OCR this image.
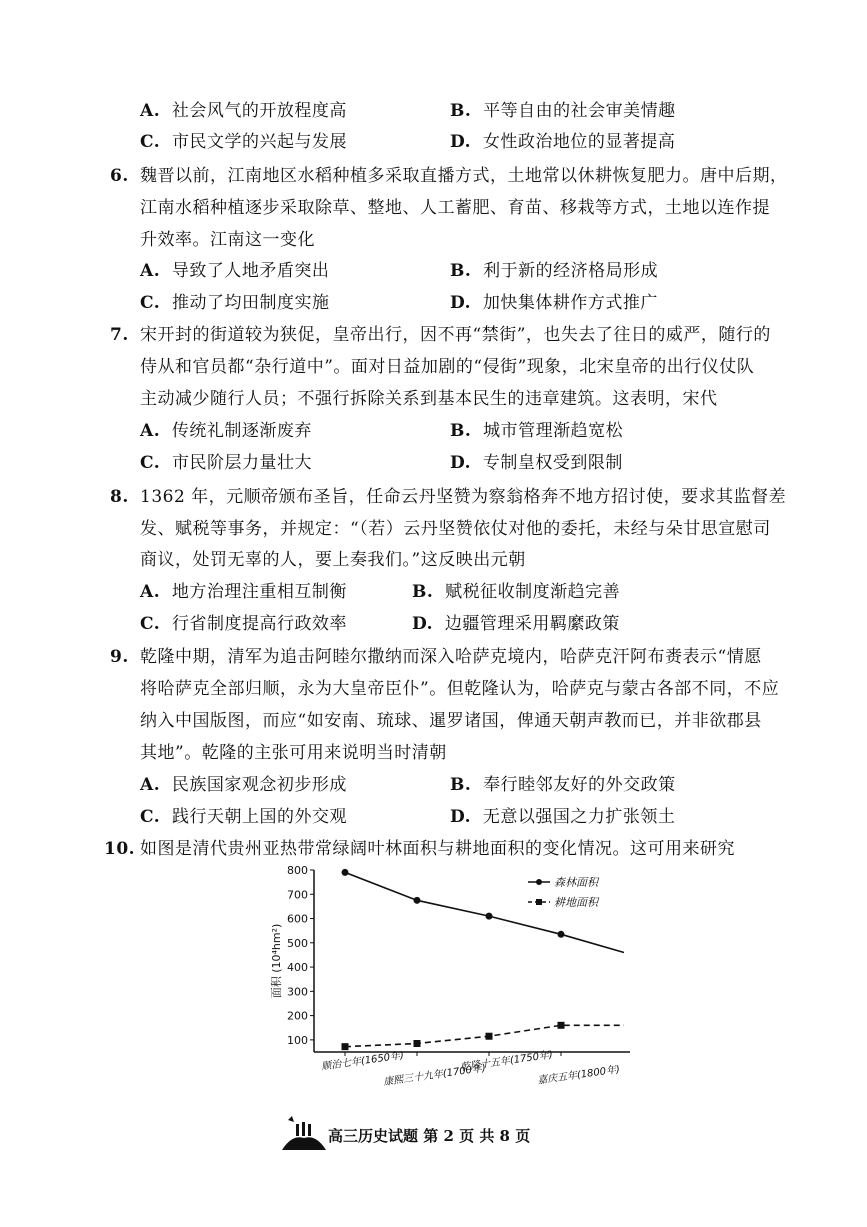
A. 社会风气的开放程度高	B. 平等自由的社会审美情趣
C. 市民文学的兴起与发展	D. 女性政治地位的显著提高
6. 魏晋以前，江南地区水稻种植多采取直播方式，土地常以休耕恢复肥力。唐中后期，
江南水稻种植逐步采取除草、整地、人工蓄肥、育苗、移栽等方式，土地以连作提
升效率。江南这一变化
A. 导致了人地矛盾突出	B. 利于新的经济格局形成
C. 推动了均田制度实施	D. 加快集体耕作方式推广
7. 宋开封的街道较为狭促，皇帝出行，因不再“禁街”，也失去了往日的威严，随行的
侍从和官员都“杂行道中”。面对日益加剧的“侵街”现象，北宋皇帝的出行仪仗队
主动减少随行人员；不强行拆除关系到基本民生的违章建筑。这表明，宋代
A. 传统礼制逐渐废弃	B. 城市管理渐趋宽松
C. 市民阶层力量壮大	D. 专制皇权受到限制
8. 1362 年，元顺帝颁布圣旨，任命云丹坚赞为察翁格奔不地方招讨使，要求其监督差
发、赋税等事务，并规定：“（若）云丹坚赞依仗对他的委托，未经与朵甘思宣慰司
商议，处罚无辜的人，要上奏我们。”这反映出元朝
A. 地方治理注重相互制衡	B. 赋税征收制度渐趋完善
C. 行省制度提高行政效率	D. 边疆管理采用羁縻政策
9. 乾隆中期，清军为追击阿睦尔撒纳而深入哈萨克境内，哈萨克汗阿布赉表示“情愿
将哈萨克全部归顺，永为大皇帝臣仆”。但乾隆认为，哈萨克与蒙古各部不同，不应
纳入中国版图，而应“如安南、琉球、暹罗诸国，俾通天朝声教而已，并非欲郡县
其地”。乾隆的主张可用来说明当时清朝
A. 民族国家观念初步形成	B. 奉行睦邻友好的外交政策
C. 践行天朝上国的外交观	D. 无意以强国之力扩张领土
10. 如图是清代贵州亚热带常绿阔叶林面积与耕地面积的变化情况。这可用来研究
800
700
600
500
400
300
200
100
顺治七年(1650年)
康熙三十九年(1700年)
乾隆十五年(1750年)
嘉庆五年(1800年)
森林面积
耕地面积
面积 (10⁴hm²)
高三历史试题 第 2 页 共 8 页
